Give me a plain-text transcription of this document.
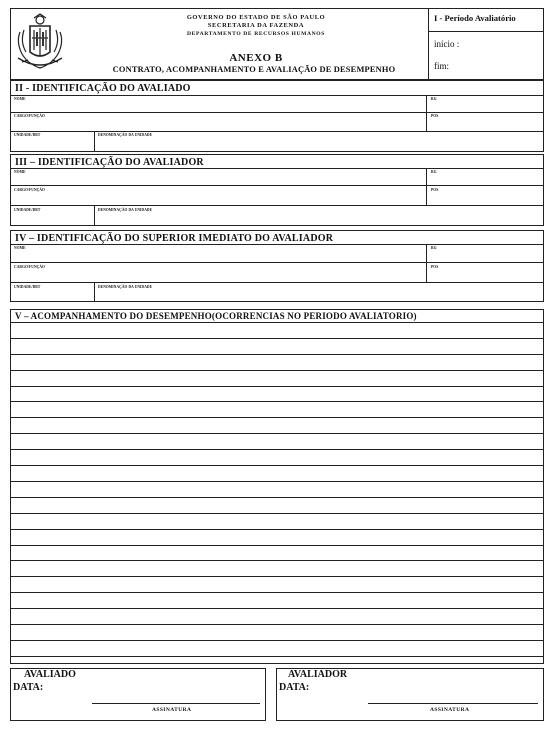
GOVERNO DO ESTADO DE SÃO PAULO
SECRETARIA DA FAZENDA
DEPARTAMENTO DE RECURSOS HUMANOS
ANEXO B
CONTRATO, ACOMPANHAMENTO E AVALIAÇÃO DE DESEMPENHO
I - Período Avaliatório
início :
fim:
II - IDENTIFICAÇÃO DO AVALIADO
NOME	RG
CARGO/FUNÇÃO	POS
UNIDADE/DRT	DENOMINAÇÃO DA UNIDADE
III – IDENTIFICAÇÃO DO AVALIADOR
NOME	RG
CARGO/FUNÇÃO	POS
UNIDADE/DRT	DENOMINAÇÃO DA UNIDADE
IV – IDENTIFICAÇÃO DO SUPERIOR IMEDIATO DO AVALIADOR
NOME	RG
CARGO/FUNÇÃO	POS
UNIDADE/DRT	DENOMINAÇÃO DA UNIDADE
V – ACOMPANHAMENTO DO DESEMPENHO(OCORRENCIAS NO PERIODO AVALIATORIO)
AVALIADO
DATA:
ASSINATURA
AVALIADOR
DATA:
ASSINATURA
